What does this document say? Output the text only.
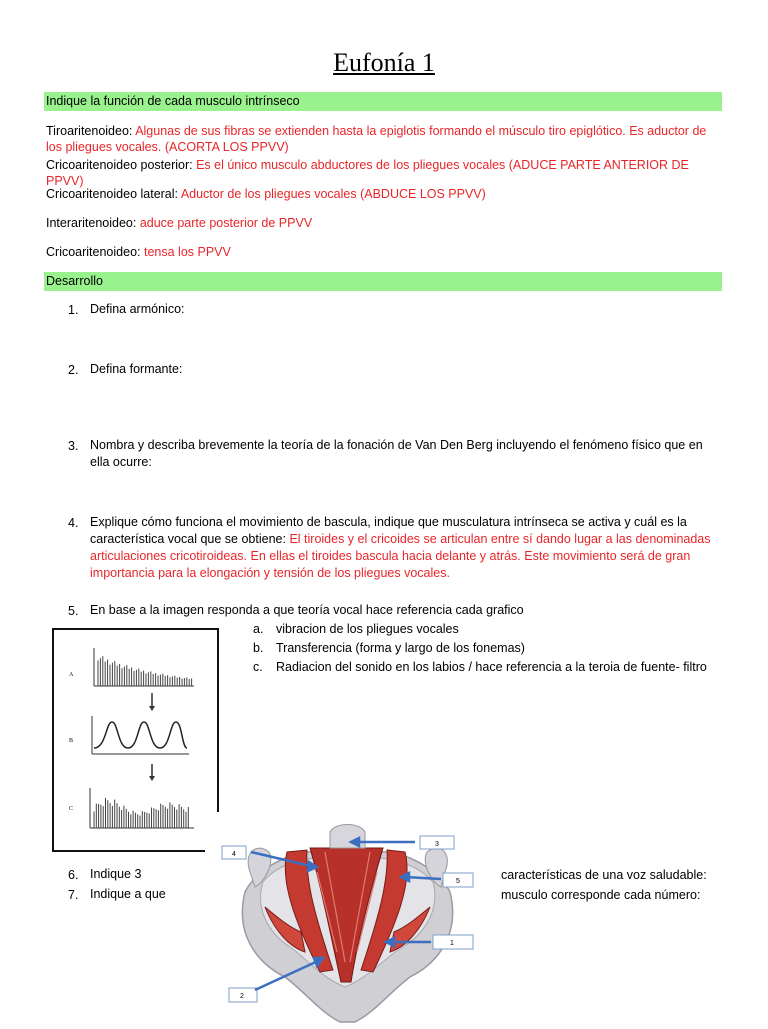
Eufonía 1
Indique la función de cada musculo intrínseco
Tiroaritenoideo: Algunas de sus fibras se extienden hasta la epiglotis formando el músculo tiro epiglótico. Es aductor de
los pliegues vocales. (ACORTA LOS PPVV)
Cricoaritenoideo posterior: Es el único musculo abductores de los pliegues vocales (ADUCE PARTE ANTERIOR DE PPVV)
Cricoaritenoideo lateral: Aductor de los pliegues vocales (ABDUCE LOS PPVV)
Interaritenoideo: aduce parte posterior de PPVV
Cricoaritenoideo: tensa los PPVV
Desarrollo
1. Defina armónico:
2. Defina formante:
3. Nombra y describa brevemente la teoría de la fonación de Van Den Berg incluyendo el fenómeno físico que en
ella ocurre:
4. Explique cómo funciona el movimiento de bascula, indique que musculatura intrínseca se activa y cuál es la
característica vocal que se obtiene: El tiroides y el cricoides se articulan entre sí dando lugar a las denominadas
articulaciones cricotiroideas. En ellas el tiroides bascula hacia delante y atrás. Este movimiento será de gran
importancia para la elongación y tensión de los pliegues vocales.
5. En base a la imagen responda a que teoría vocal hace referencia cada grafico
a. vibracion de los pliegues vocales
b. Transferencia (forma y largo de los fonemas)
c. Radiacion del sonido en los labios / hace referencia a la teroia de fuente- filtro
A
B
C
6. Indique 3	características de una voz saludable:
7. Indique a que	musculo corresponde cada número:
4
3
5
1
2
